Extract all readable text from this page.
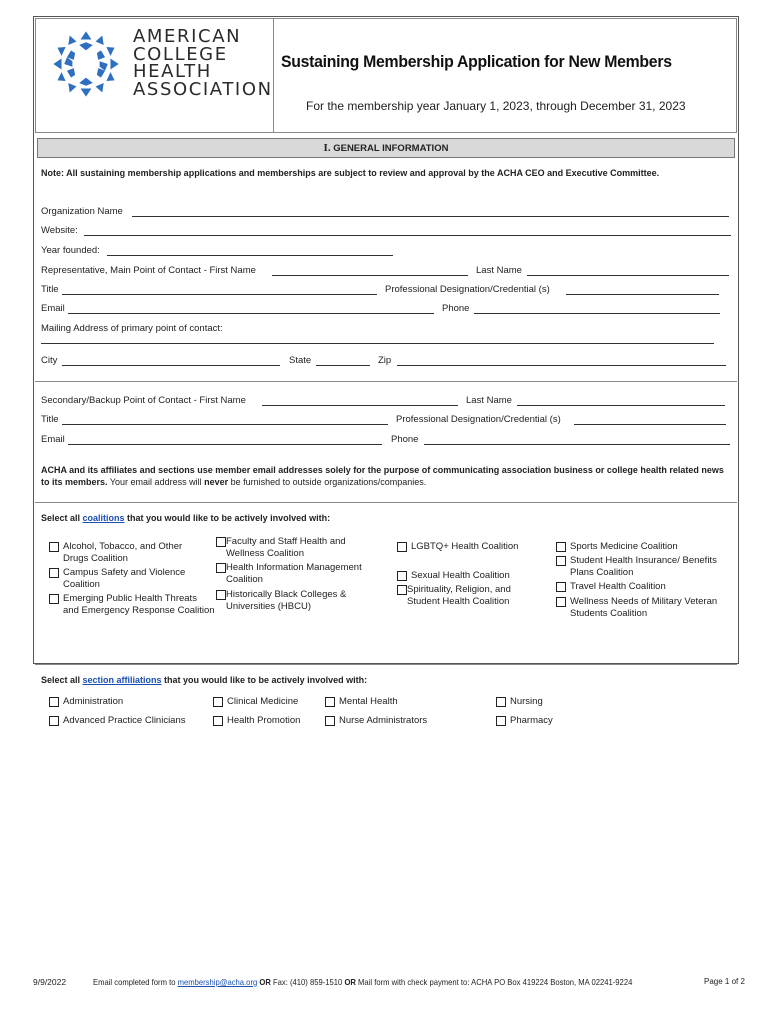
AMERICAN
COLLEGE
HEALTH
ASSOCIATION
Sustaining Membership Application for New Members
For the membership year January 1, 2023, through December 31, 2023
I. GENERAL INFORMATION
Note: All sustaining membership applications and memberships are subject to review and approval by the ACHA CEO and Executive Committee.
Organization Name
Website:
Year founded:
Representative, Main Point of Contact - First Name	Last Name
Title	Professional Designation/Credential (s)
Email	Phone
Mailing Address of primary point of contact:
City	State	Zip
Secondary/Backup Point of Contact - First Name	Last Name
Title	Professional Designation/Credential (s)
Email	Phone
ACHA and its affiliates and sections use member email addresses solely for the purpose of communicating association business or college health related news to its members. Your email address will never be furnished to outside organizations/companies.
Select all coalitions that you would like to be actively involved with:
Alcohol, Tobacco, and Other Drugs Coalition
Campus Safety and Violence Coalition
Emerging Public Health Threats and Emergency Response Coalition
Faculty and Staff Health and Wellness Coalition
Health Information Management Coalition
Historically Black Colleges & Universities (HBCU)
LGBTQ+ Health Coalition
Sexual Health Coalition
Spirituality, Religion, and Student Health Coalition
Sports Medicine Coalition
Student Health Insurance/ Benefits Plans Coalition
Travel Health Coalition
Wellness Needs of Military Veteran Students Coalition
Select all section affiliations that you would like to be actively involved with:
Administration	Clinical Medicine	Mental Health	Nursing
Advanced Practice Clinicians	Health Promotion	Nurse Administrators	Pharmacy
9/9/2022	Email completed form to membership@acha.org OR Fax: (410) 859-1510 OR Mail form with check payment to: ACHA PO Box 419224 Boston, MA 02241-9224	Page 1 of 2
